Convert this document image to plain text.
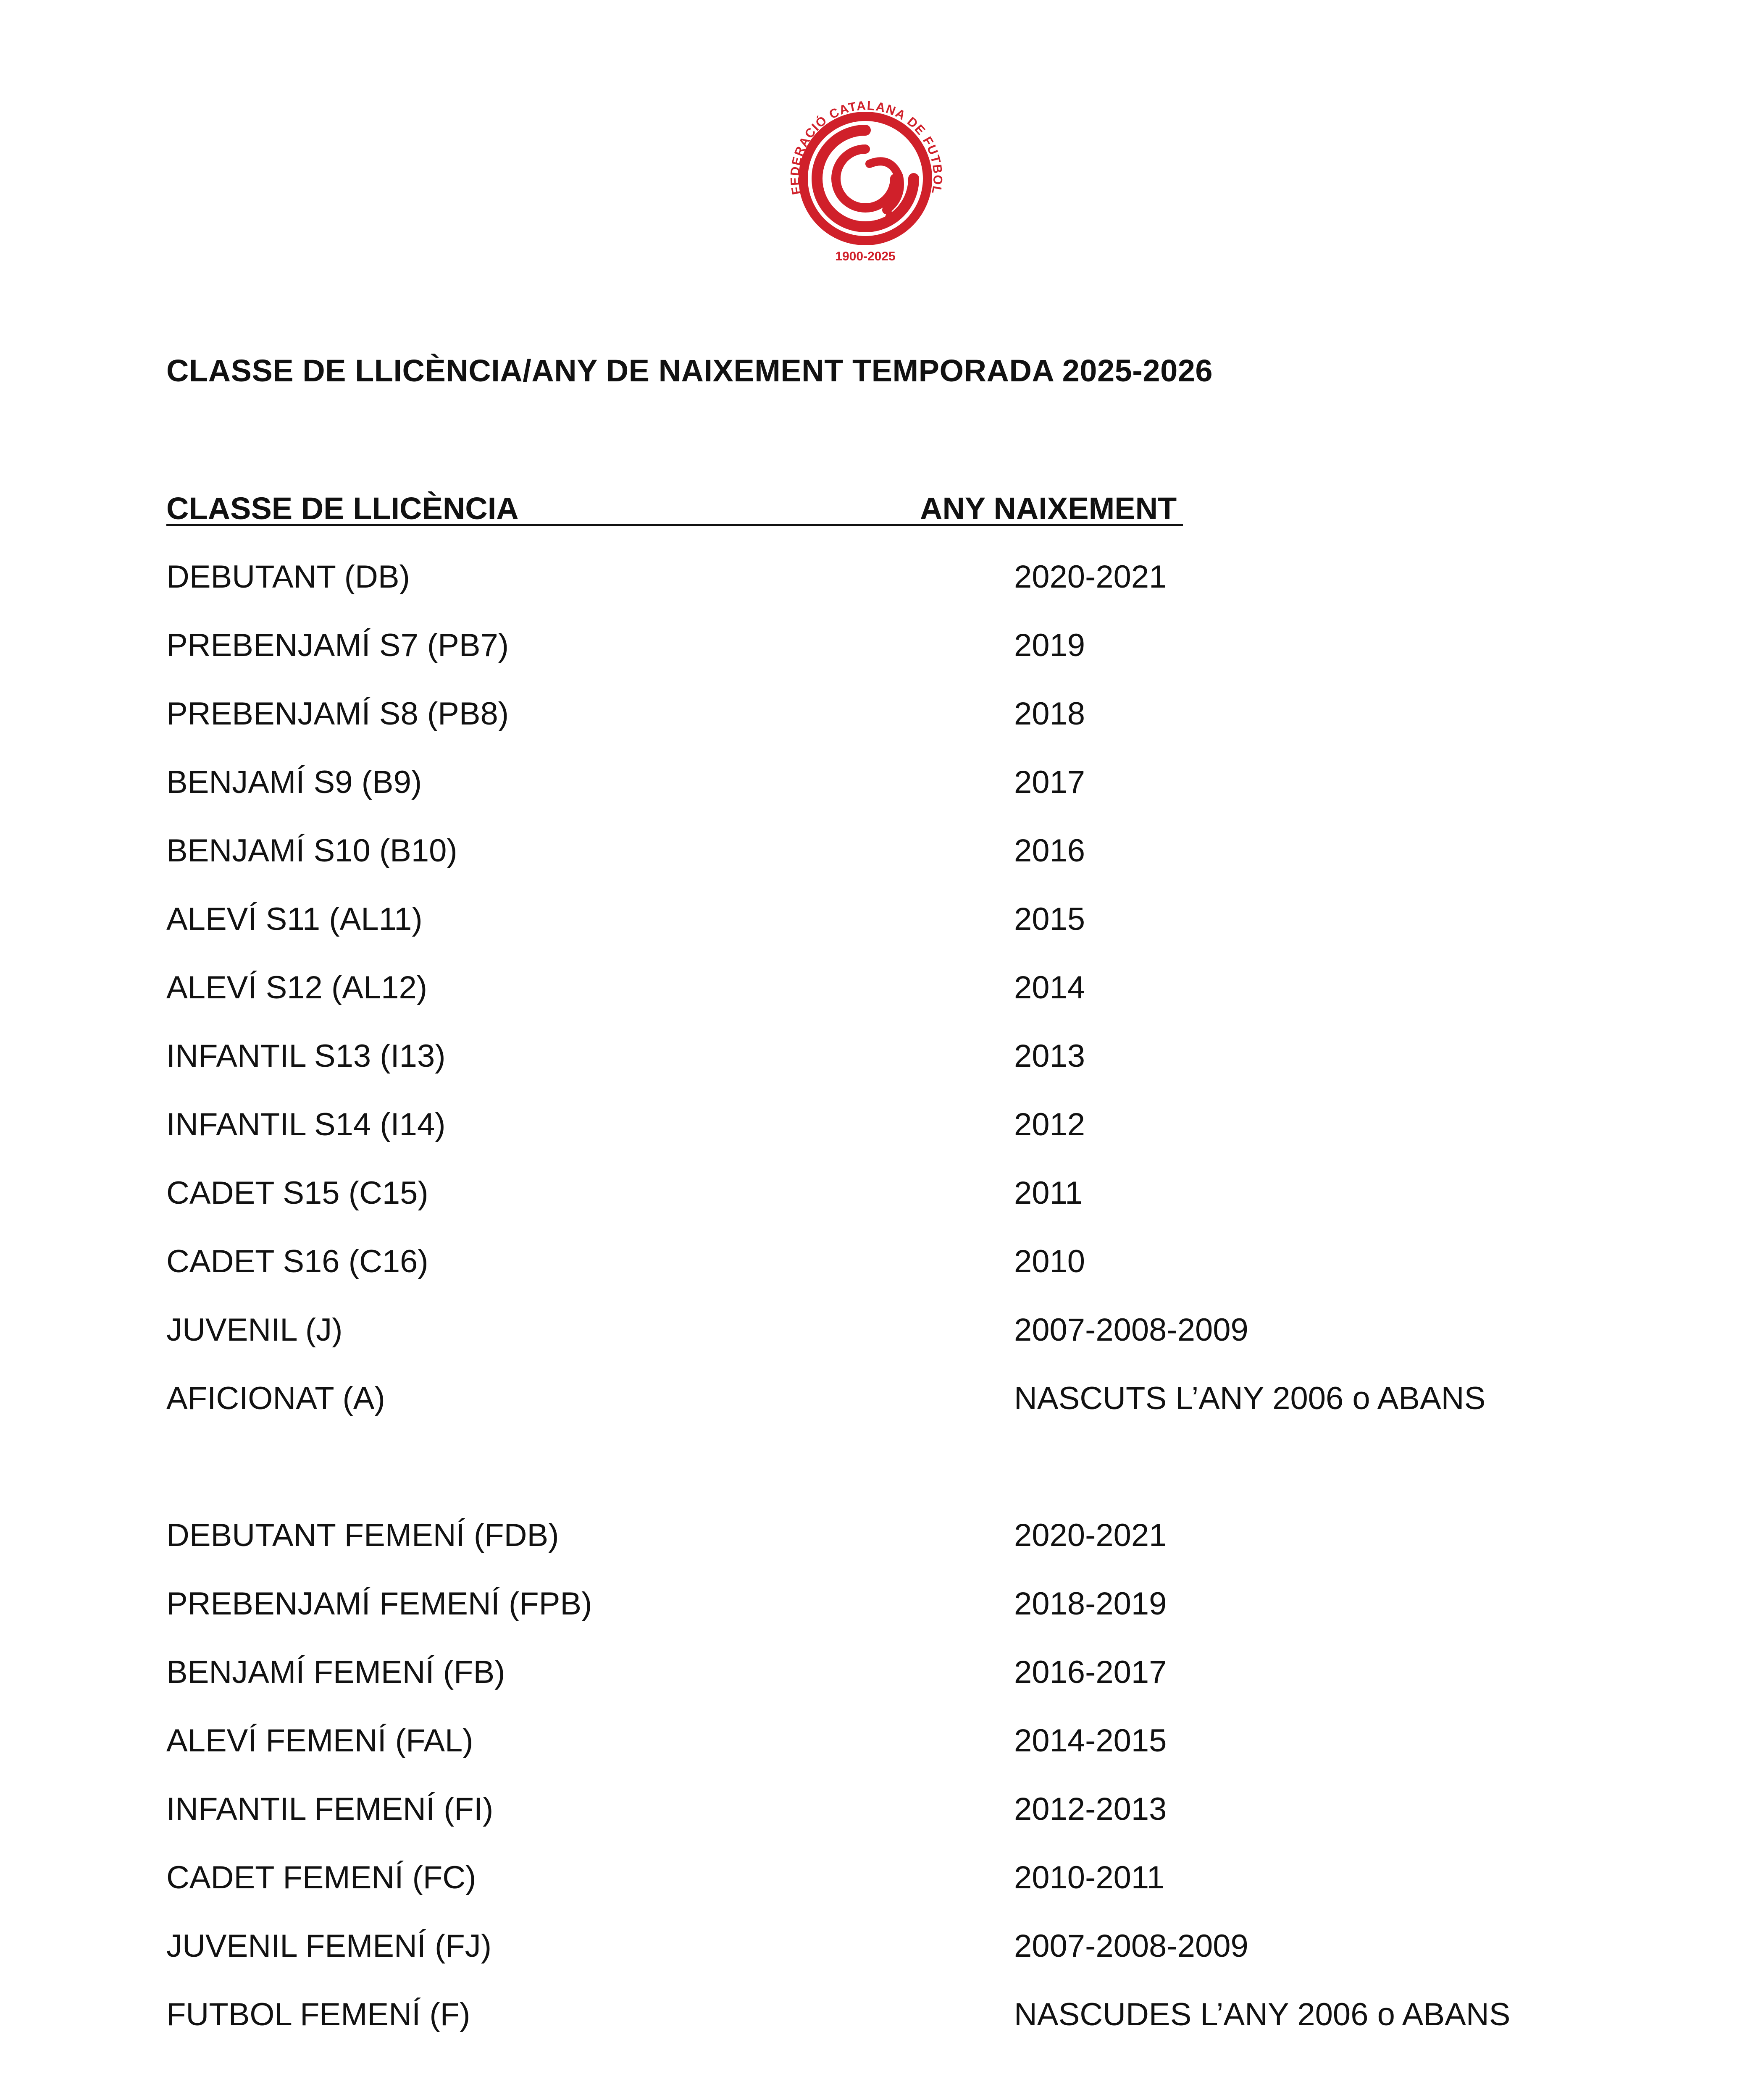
FEDERACIÓ CATALANA DE FUTBOL
1900-2025
CLASSE DE LLICÈNCIA/ANY DE NAIXEMENT TEMPORADA 2025-2026
CLASSE DE LLICÈNCIA	ANY NAIXEMENT
DEBUTANT (DB)	2020-2021
PREBENJAMÍ S7 (PB7)	2019
PREBENJAMÍ S8 (PB8)	2018
BENJAMÍ S9 (B9)	2017
BENJAMÍ S10 (B10)	2016
ALEVÍ S11 (AL11)	2015
ALEVÍ S12 (AL12)	2014
INFANTIL S13 (I13)	2013
INFANTIL S14 (I14)	2012
CADET S15 (C15)	2011
CADET S16 (C16)	2010
JUVENIL (J)	2007-2008-2009
AFICIONAT (A)	NASCUTS L’ANY 2006 o ABANS
DEBUTANT FEMENÍ (FDB)	2020-2021
PREBENJAMÍ FEMENÍ (FPB)	2018-2019
BENJAMÍ FEMENÍ (FB)	2016-2017
ALEVÍ FEMENÍ (FAL)	2014-2015
INFANTIL FEMENÍ (FI)	2012-2013
CADET FEMENÍ (FC)	2010-2011
JUVENIL FEMENÍ (FJ)	2007-2008-2009
FUTBOL FEMENÍ (F)	NASCUDES L’ANY 2006 o ABANS
